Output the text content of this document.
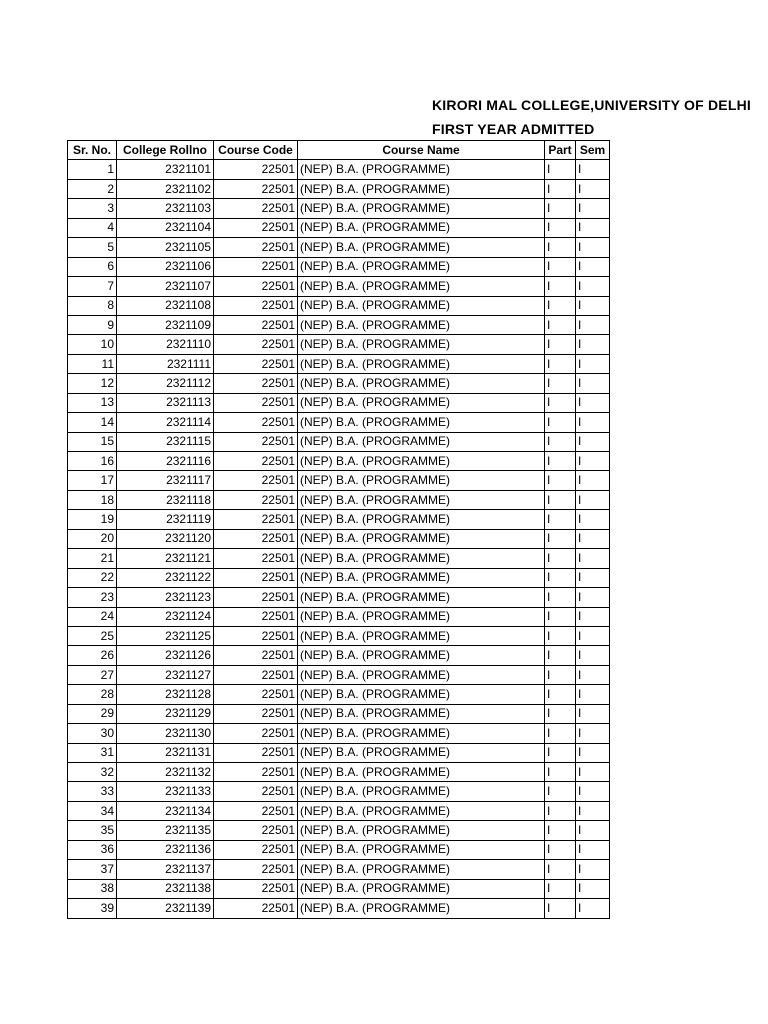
KIRORI MAL COLLEGE,UNIVERSITY OF DELHI
FIRST YEAR ADMITTED
Sr. No.	College Rollno	Course Code	Course Name	Part	Sem
1	2321101	22501	(NEP) B.A. (PROGRAMME)	I	I
2	2321102	22501	(NEP) B.A. (PROGRAMME)	I	I
3	2321103	22501	(NEP) B.A. (PROGRAMME)	I	I
4	2321104	22501	(NEP) B.A. (PROGRAMME)	I	I
5	2321105	22501	(NEP) B.A. (PROGRAMME)	I	I
6	2321106	22501	(NEP) B.A. (PROGRAMME)	I	I
7	2321107	22501	(NEP) B.A. (PROGRAMME)	I	I
8	2321108	22501	(NEP) B.A. (PROGRAMME)	I	I
9	2321109	22501	(NEP) B.A. (PROGRAMME)	I	I
10	2321110	22501	(NEP) B.A. (PROGRAMME)	I	I
11	2321111	22501	(NEP) B.A. (PROGRAMME)	I	I
12	2321112	22501	(NEP) B.A. (PROGRAMME)	I	I
13	2321113	22501	(NEP) B.A. (PROGRAMME)	I	I
14	2321114	22501	(NEP) B.A. (PROGRAMME)	I	I
15	2321115	22501	(NEP) B.A. (PROGRAMME)	I	I
16	2321116	22501	(NEP) B.A. (PROGRAMME)	I	I
17	2321117	22501	(NEP) B.A. (PROGRAMME)	I	I
18	2321118	22501	(NEP) B.A. (PROGRAMME)	I	I
19	2321119	22501	(NEP) B.A. (PROGRAMME)	I	I
20	2321120	22501	(NEP) B.A. (PROGRAMME)	I	I
21	2321121	22501	(NEP) B.A. (PROGRAMME)	I	I
22	2321122	22501	(NEP) B.A. (PROGRAMME)	I	I
23	2321123	22501	(NEP) B.A. (PROGRAMME)	I	I
24	2321124	22501	(NEP) B.A. (PROGRAMME)	I	I
25	2321125	22501	(NEP) B.A. (PROGRAMME)	I	I
26	2321126	22501	(NEP) B.A. (PROGRAMME)	I	I
27	2321127	22501	(NEP) B.A. (PROGRAMME)	I	I
28	2321128	22501	(NEP) B.A. (PROGRAMME)	I	I
29	2321129	22501	(NEP) B.A. (PROGRAMME)	I	I
30	2321130	22501	(NEP) B.A. (PROGRAMME)	I	I
31	2321131	22501	(NEP) B.A. (PROGRAMME)	I	I
32	2321132	22501	(NEP) B.A. (PROGRAMME)	I	I
33	2321133	22501	(NEP) B.A. (PROGRAMME)	I	I
34	2321134	22501	(NEP) B.A. (PROGRAMME)	I	I
35	2321135	22501	(NEP) B.A. (PROGRAMME)	I	I
36	2321136	22501	(NEP) B.A. (PROGRAMME)	I	I
37	2321137	22501	(NEP) B.A. (PROGRAMME)	I	I
38	2321138	22501	(NEP) B.A. (PROGRAMME)	I	I
39	2321139	22501	(NEP) B.A. (PROGRAMME)	I	I
